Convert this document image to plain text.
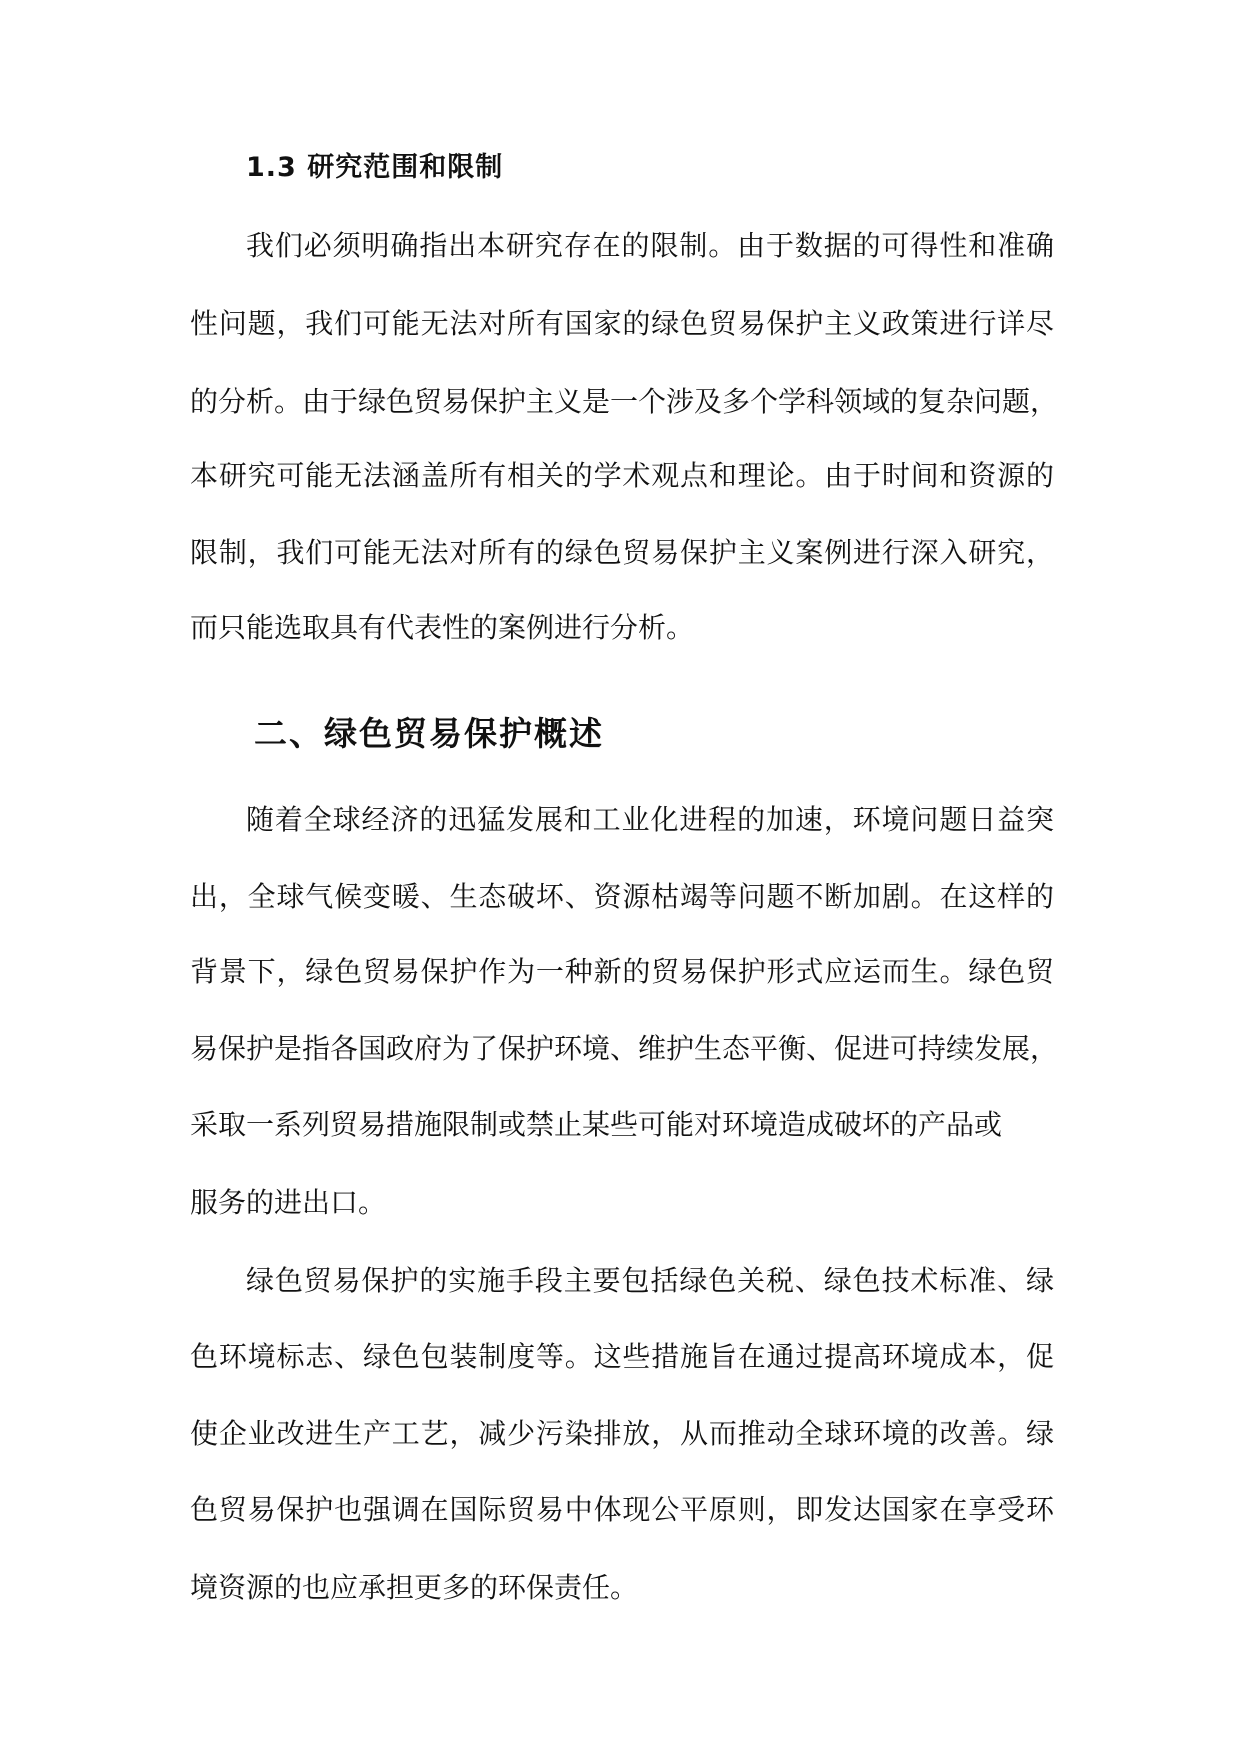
1.3 研究范围和限制
我们必须明确指出本研究存在的限制。由于数据的可得性和准确
性问题，我们可能无法对所有国家的绿色贸易保护主义政策进行详尽
的分析。由于绿色贸易保护主义是一个涉及多个学科领域的复杂问题，
本研究可能无法涵盖所有相关的学术观点和理论。由于时间和资源的
限制，我们可能无法对所有的绿色贸易保护主义案例进行深入研究，
而只能选取具有代表性的案例进行分析。
二、绿色贸易保护概述
随着全球经济的迅猛发展和工业化进程的加速，环境问题日益突
出，全球气候变暖、生态破坏、资源枯竭等问题不断加剧。在这样的
背景下，绿色贸易保护作为一种新的贸易保护形式应运而生。绿色贸
易保护是指各国政府为了保护环境、维护生态平衡、促进可持续发展，
采取一系列贸易措施限制或禁止某些可能对环境造成破坏的产品或
服务的进出口。
绿色贸易保护的实施手段主要包括绿色关税、绿色技术标准、绿
色环境标志、绿色包装制度等。这些措施旨在通过提高环境成本，促
使企业改进生产工艺，减少污染排放，从而推动全球环境的改善。绿
色贸易保护也强调在国际贸易中体现公平原则，即发达国家在享受环
境资源的也应承担更多的环保责任。
